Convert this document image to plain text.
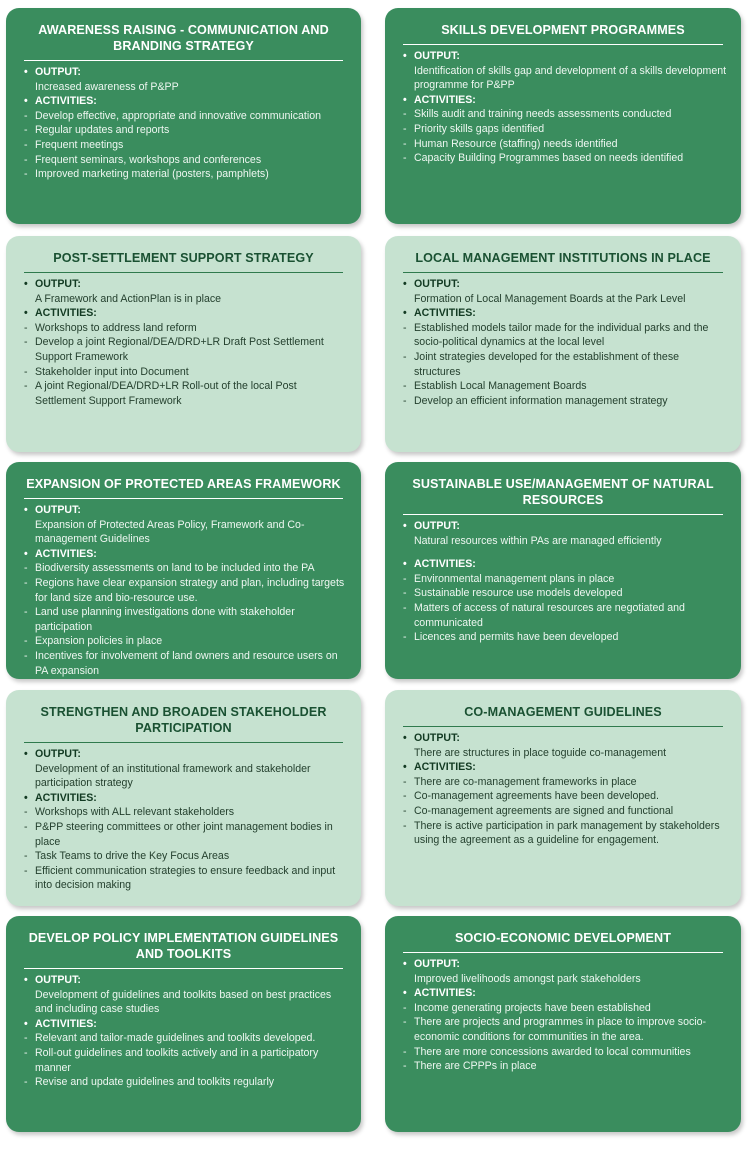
AWARENESS RAISING - COMMUNICATION AND BRANDING STRATEGY
• OUTPUT:
Increased awareness of P&PP
• ACTIVITIES:
- Develop effective, appropriate and innovative communication
- Regular updates and reports
- Frequent meetings
- Frequent seminars, workshops and conferences
- Improved marketing material (posters, pamphlets)
SKILLS DEVELOPMENT PROGRAMMES
• OUTPUT:
Identification of skills gap and development of a skills development programme for P&PP
• ACTIVITIES:
- Skills audit and training needs assessments conducted
- Priority skills gaps identified
- Human Resource (staffing) needs identified
- Capacity Building Programmes based on needs identified
POST-SETTLEMENT SUPPORT STRATEGY
• OUTPUT:
A Framework and ActionPlan is in place
• ACTIVITIES:
- Workshops to address land reform
- Develop a joint Regional/DEA/DRD+LR Draft Post Settlement Support Framework
- Stakeholder input into Document
- A joint Regional/DEA/DRD+LR Roll-out of the local Post Settlement Support Framework
LOCAL MANAGEMENT INSTITUTIONS IN PLACE
• OUTPUT:
Formation of Local Management Boards at the Park Level
• ACTIVITIES:
- Established models tailor made for the individual parks and the socio-political dynamics at the local level
- Joint strategies developed for the establishment of these structures
- Establish Local Management Boards
- Develop an efficient information management strategy
EXPANSION OF PROTECTED AREAS FRAMEWORK
• OUTPUT:
Expansion of Protected Areas Policy, Framework and Co-management Guidelines
• ACTIVITIES:
- Biodiversity assessments on land to be included into the PA
- Regions have clear expansion strategy and plan, including targets for land size and bio-resource use.
- Land use planning investigations done with stakeholder participation
- Expansion policies in place
- Incentives for involvement of land owners and resource users on PA expansion
SUSTAINABLE USE/MANAGEMENT OF NATURAL RESOURCES
• OUTPUT:
Natural resources within PAs are managed efficiently
• ACTIVITIES:
- Environmental management plans in place
- Sustainable resource use models developed
- Matters of access of natural resources are negotiated and communicated
- Licences and permits have been developed
STRENGTHEN AND BROADEN STAKEHOLDER PARTICIPATION
• OUTPUT:
Development of an institutional framework and stakeholder participation strategy
• ACTIVITIES:
- Workshops with ALL relevant stakeholders
- P&PP steering committees or other joint management bodies in place
- Task Teams to drive the Key Focus Areas
- Efficient communication strategies to ensure feedback and input into decision making
CO-MANAGEMENT GUIDELINES
• OUTPUT:
There are structures in place toguide co-management
• ACTIVITIES:
- There are co-management frameworks in place
- Co-management agreements have been developed.
- Co-management agreements are signed and functional
- There is active participation in park management by stakeholders using the agreement as a guideline for engagement.
DEVELOP POLICY IMPLEMENTATION GUIDELINES AND TOOLKITS
• OUTPUT:
Development of guidelines and toolkits based on best practices and including case studies
• ACTIVITIES:
- Relevant and tailor-made guidelines and toolkits developed.
- Roll-out guidelines and toolkits actively and in a participatory manner
- Revise and update guidelines and toolkits regularly
SOCIO-ECONOMIC DEVELOPMENT
• OUTPUT:
Improved livelihoods amongst park stakeholders
• ACTIVITIES:
- Income generating projects have been established
- There are projects and programmes in place to improve socio-economic conditions for communities in the area.
- There are more concessions awarded to local communities
- There are CPPPs in place
